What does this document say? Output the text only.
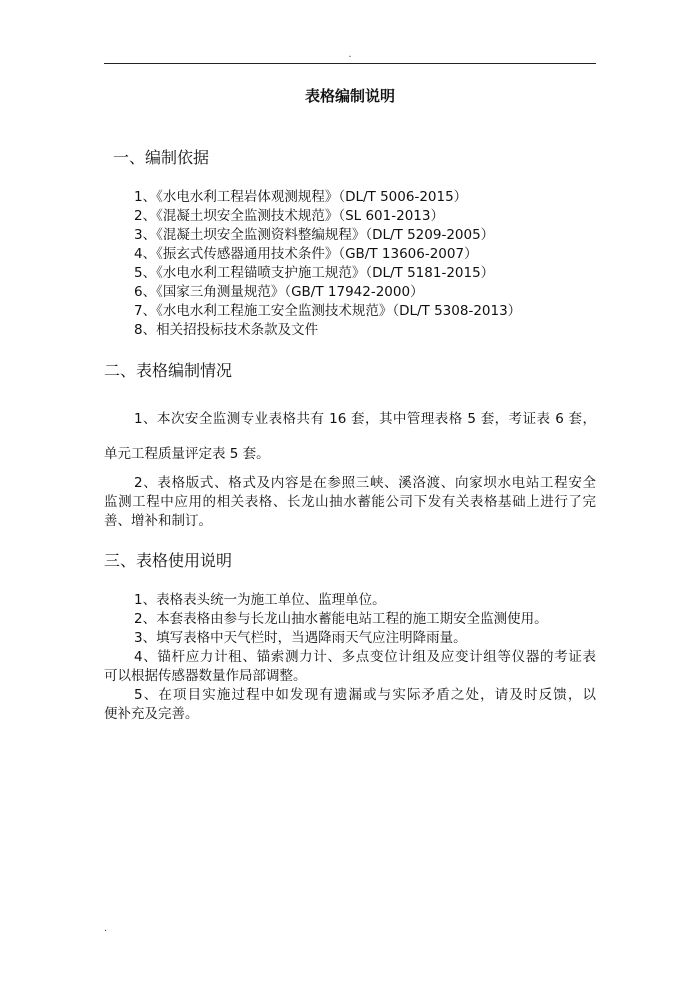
.
表格编制说明
一、编制依据
1、《水电水利工程岩体观测规程》（DL/T 5006-2015）
2、《混凝土坝安全监测技术规范》（SL 601-2013）
3、《混凝土坝安全监测资料整编规程》（DL/T 5209-2005）
4、《振玄式传感器通用技术条件》（GB/T 13606-2007）
5、《水电水利工程锚喷支护施工规范》（DL/T 5181-2015）
6、《国家三角测量规范》（GB/T 17942-2000）
7、《水电水利工程施工安全监测技术规范》（DL/T 5308-2013）
8、相关招投标技术条款及文件
二、表格编制情况
1、本次安全监测专业表格共有 16 套，其中管理表格 5 套，考证表 6 套，
单元工程质量评定表 5 套。
2、表格版式、格式及内容是在参照三峡、溪洛渡、向家坝水电站工程安全
监测工程中应用的相关表格、长龙山抽水蓄能公司下发有关表格基础上进行了完
善、增补和制订。
三、表格使用说明
1、表格表头统一为施工单位、监理单位。
2、本套表格由参与长龙山抽水蓄能电站工程的施工期安全监测使用。
3、填写表格中天气栏时，当遇降雨天气应注明降雨量。
4、锚杆应力计租、锚索测力计、多点变位计组及应变计组等仪器的考证表
可以根据传感器数量作局部调整。
5、在项目实施过程中如发现有遗漏或与实际矛盾之处，请及时反馈，以
便补充及完善。
.
